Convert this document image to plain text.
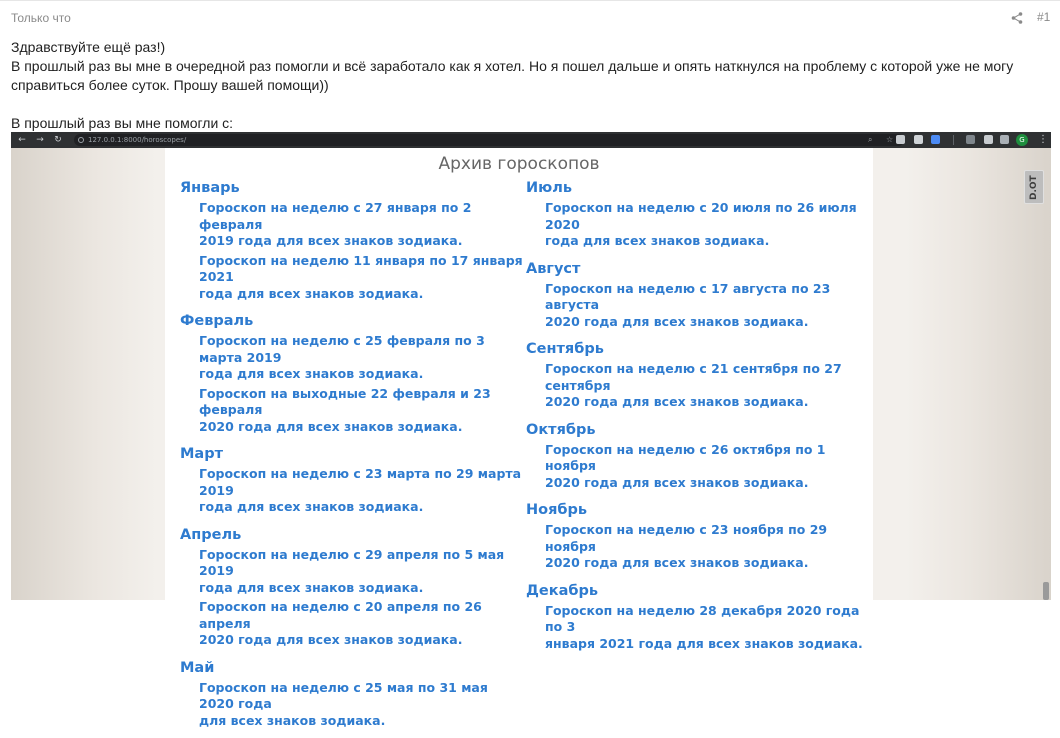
Только что	#1

Здравствуйте ещё раз!)

В прошлый раз вы мне в очередной раз помогли и всё заработало как я хотел. Но я пошел дальше и опять наткнулся на проблему с которой уже не могу

справиться более суток. Прошу вашей помощи))

В прошлый раз вы мне помогли с:

← → ↻	127.0.0.1:8000/horoscopes/	⌕	☆	G	⋮
Архив гороскопов
Январь
Гороскоп на неделю с 27 января по 2 февраля
2019 года для всех знаков зодиака.
Гороскоп на неделю 11 января по 17 января 2021
года для всех знаков зодиака.
Февраль
Гороскоп на неделю с 25 февраля по 3 марта 2019
года для всех знаков зодиака.
Гороскоп на выходные 22 февраля и 23 февраля
2020 года для всех знаков зодиака.
Март
Гороскоп на неделю с 23 марта по 29 марта 2019
года для всех знаков зодиака.
Апрель
Гороскоп на неделю с 29 апреля по 5 мая 2019
года для всех знаков зодиака.
Гороскоп на неделю с 20 апреля по 26 апреля
2020 года для всех знаков зодиака.
Май
Гороскоп на неделю с 25 мая по 31 мая 2020 года
для всех знаков зодиака.
Июль
Гороскоп на неделю с 20 июля по 26 июля 2020
года для всех знаков зодиака.
Август
Гороскоп на неделю с 17 августа по 23 августа
2020 года для всех знаков зодиака.
Сентябрь
Гороскоп на неделю с 21 сентября по 27 сентября
2020 года для всех знаков зодиака.
Октябрь
Гороскоп на неделю с 26 октября по 1 ноября
2020 года для всех знаков зодиака.
Ноябрь
Гороскоп на неделю с 23 ноября по 29 ноября
2020 года для всех знаков зодиака.
Декабрь
Гороскоп на неделю 28 декабря 2020 года по 3
января 2021 года для всех знаков зодиака.
D.OT
